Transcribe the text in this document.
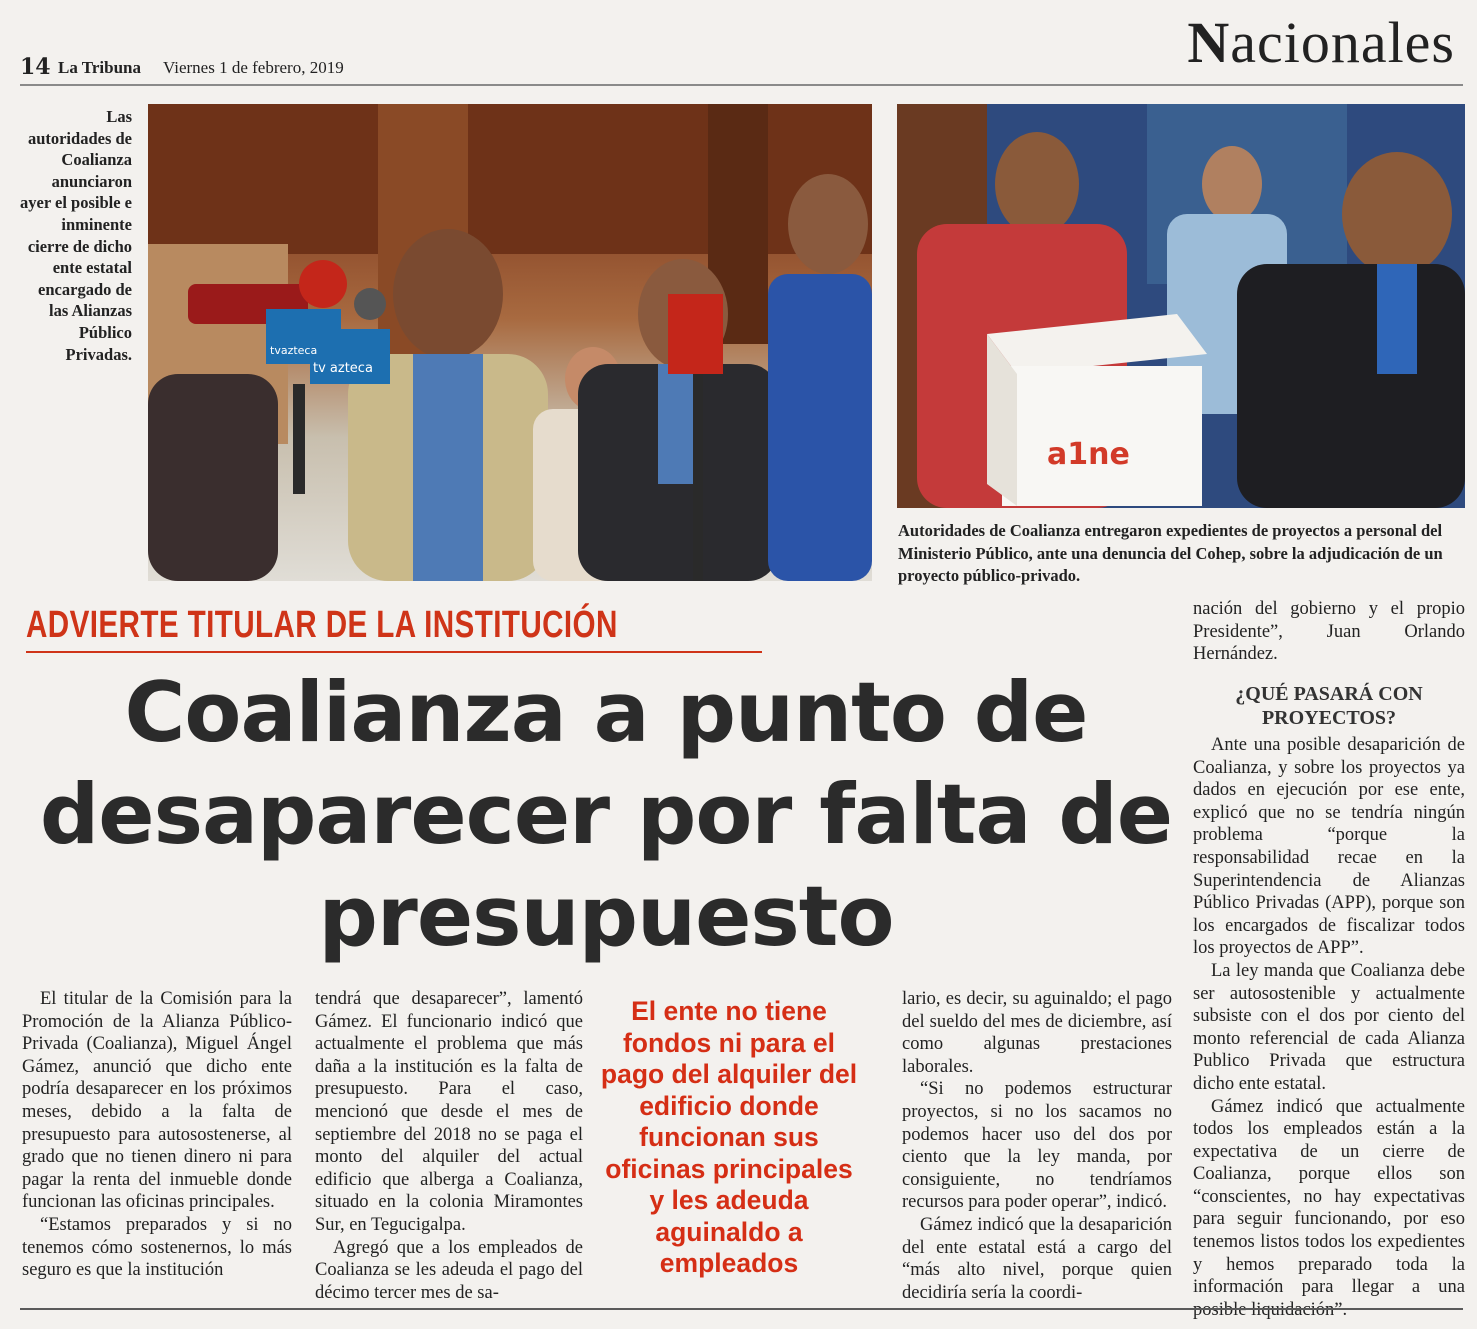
14 La Tribuna Viernes 1 de febrero, 2019	Nacionales
tvazteca
tv azteca
a1ne
Las autoridades de Coalianza anunciaron ayer el posible e inminente cierre de dicho ente estatal encargado de las Alianzas Público Privadas.
Autoridades de Coalianza entregaron expedientes de proyectos a personal del Ministerio Público, ante una denuncia del Cohep, sobre la adjudicación de un proyecto público-privado.
ADVIERTE TITULAR DE LA INSTITUCIÓN
Coalianza a punto de desaparecer por falta de presupuesto

El titular de la Comisión para la Promoción de la Alianza Público-Privada (Coalianza), Miguel Ángel Gámez, anunció que dicho ente podría desaparecer en los próximos meses, debido a la falta de presupuesto para autosostenerse, al grado que no tienen dinero ni para pagar la renta del inmueble donde funcionan las oficinas principales.

“Estamos preparados y si no tenemos cómo sostenernos, lo más seguro es que la institución

tendrá que desaparecer”, lamentó Gámez. El funcionario indicó que actualmente el problema que más daña a la institución es la falta de presupuesto. Para el caso, mencionó que desde el mes de septiembre del 2018 no se paga el monto del alquiler del actual edificio que alberga a Coalianza, situado en la colonia Miramontes Sur, en Tegucigalpa.

Agregó que a los empleados de Coalianza se les adeuda el pago del décimo tercer mes de sa-

El ente no tiene fondos ni para el pago del alquiler del edificio donde funcionan sus oficinas principales y les adeuda aguinaldo a empleados

lario, es decir, su aguinaldo; el pago del sueldo del mes de diciembre, así como algunas prestaciones laborales.

“Si no podemos estructurar proyectos, si no los sacamos no podemos hacer uso del dos por ciento que la ley manda, por consiguiente, no tendríamos recursos para poder operar”, indicó.

Gámez indicó que la desaparición del ente estatal está a cargo del “más alto nivel, porque quien decidiría sería la coordi-

nación del gobierno y el propio Presidente”, Juan Orlando Hernández.
¿QUÉ PASARÁ CON PROYECTOS?

Ante una posible desaparición de Coalianza, y sobre los proyectos ya dados en ejecución por ese ente, explicó que no se tendría ningún problema “porque la responsabilidad recae en la Superintendencia de Alianzas Público Privadas (APP), porque son los encargados de fiscalizar todos los proyectos de APP”.

La ley manda que Coalianza debe ser autosostenible y actualmente subsiste con el dos por ciento del monto referencial de cada Alianza Publico Privada que estructura dicho ente estatal.

Gámez indicó que actualmente todos los empleados están a la expectativa de un cierre de Coalianza, porque ellos son “conscientes, no hay expectativas para seguir funcionando, por eso tenemos listos todos los expedientes y hemos preparado toda la información para llegar a una
